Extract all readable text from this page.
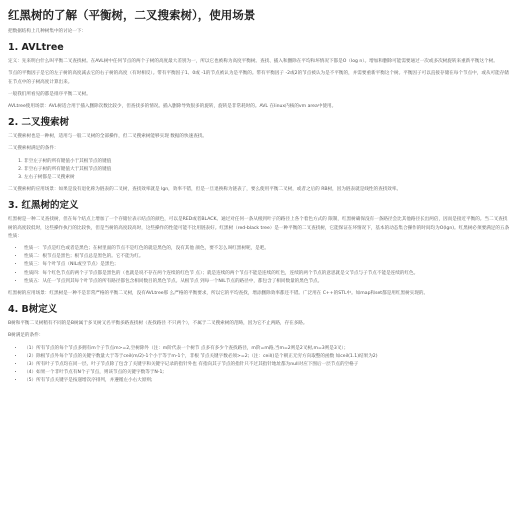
红黑树的了解（平衡树，二叉搜索树），使用场景

把数据结构上几种树集中的讨论一下：

1. AVLtree

定义：先来明白什么叫平衡二叉查找树。在AVL树中任何节点的两个子树的高度最大差别为一，所以它也被称为高度平衡树。查找、插入和删除在平均和坏情况下都是O（log n）。增加和删除可能需要通过一次或多次树旋转来重新平衡这个树。

节点的平衡因子是它的左子树的高度减去它的右子树的高度（有时相反）。带有平衡因子1、0或 -1的节点被认为是平衡的。带有平衡因子 -2或2的节点被认为是不平衡的，并需要重新平衡这个树。平衡因子可以直接存储在每个节点中，或从可能存储在节点中的子树高度计算出来。

一般我们所看见的都是排序平衡二叉树。

AVLtree使用场景：AVL树适合用于插入删除次数比较少，但查找多的情况。插入删除导致很多的旋转，旋转是非常耗时的。AVL 在linux内核的vm area中使用。

2. 二叉搜索树

二叉搜索树也是一种树，适用与一般二叉树的全部操作，但二叉搜索树能够实现 数据的快速查找。

二叉搜索树满足的条件：

1. 非空左子树的所有键值小于其根节点的键值
2. 非空右子树的所有键值大于其根节点的键值
3. 左右子树都是二叉搜索树

二叉搜索树的应用场景：如果是没有退化称为链表的二叉树，查找效率就是 lgn，效率不错，但是一旦退换称为链表了，要么使用平衡二叉树，或者之后的 RB树，因为链表就是线性的查找效率。

3. 红黑树的定义

红黑树是一种二叉查找树，但在每个结点上增加了一个存储位表示结点的颜色，可以是RED或者BLACK。通过对任何一条从根到叶子的路径上各个着色方式的 限制，红黑树确保没有一条路径会比其他路径长出两倍，因而是接近平衡的。当二叉查找树的高度较低时，这些操作执行的比较快，但是当树的高度较高时，这些操作的性能可能不比用链表好。红黑树（red-black tree）是一种平衡的二叉查找树，它能保证在坏情况下，基本的动态集合操作的时间均为O(lgn)。红黑树必须要满足的五条性质：

• 性质一：节点是红色或者是黑色；在树里面的节点不是红色的就是黑色的，没有其他 颜色，要不怎么叫红黑树呢，是吧。
• 性质二：根节点是黑色；根节点总是黑色的。它不能为红。
• 性质三：每个叶节点（NIL或空节点）是黑色；
• 性质四：每个红色节点的两个子节点都是黑色的（也就是说不存在两个连续的红色节 点）；就是连续的两个节点不能是连续的红色，连续的两个节点的意思就是父节点与子节点不能是连续的红色。
• 性质五：从任一节点到其每个叶节点的所有路径都包含相同数目的黑色节点。从根节点 到每一个NIL节点的路径中，都包含了相同数量的黑色节点。

红黑树的应用场景：红黑树是一种不是非常严格的平衡二叉树，没有AVLtree那 么严格的平衡要求，所以它的平均查找，增添删除效率都还不错。广泛用在 C++的STL中。如map和set都是用红黑树实现的。

4. B树定义

B树和平衡二叉树稍有不同的是B树属于多叉树又名平衡多路查找树（查找路径 不只两个），不属于二叉搜索树的范畴，因为它不止两路，存在多路。

B树满足的条件：

• （1）所有节点的每个节点多拥有m个子节点m>=2,空树除外（注：m阶代表一个树节 点多有多少个查找路径，m阶=m路,当m=2则是2叉树,m=3则是3叉）；
• （2）除根节点外每个节点的关键字数量大于等于ceil(m/2)-1个小于等于m-1个，非根 节点关键字数必须>=2;（注：ceil()是个朝正无穷方向取整的函数 如ceil(1.1)结果为2)
• （3）所有叶子节点均在同一层、叶子节点除了包含了关键字和关键字记录的指针外也 有指向其子节点的指针只不过其指针地址都为null对应下图后一层节点的空格子
• （4）如果一个非叶节点有N个子节点，则该节点的关键字数等于N-1;
• （5）所有节点关键字是按递增次序排列，并遵循左小右大原则;
